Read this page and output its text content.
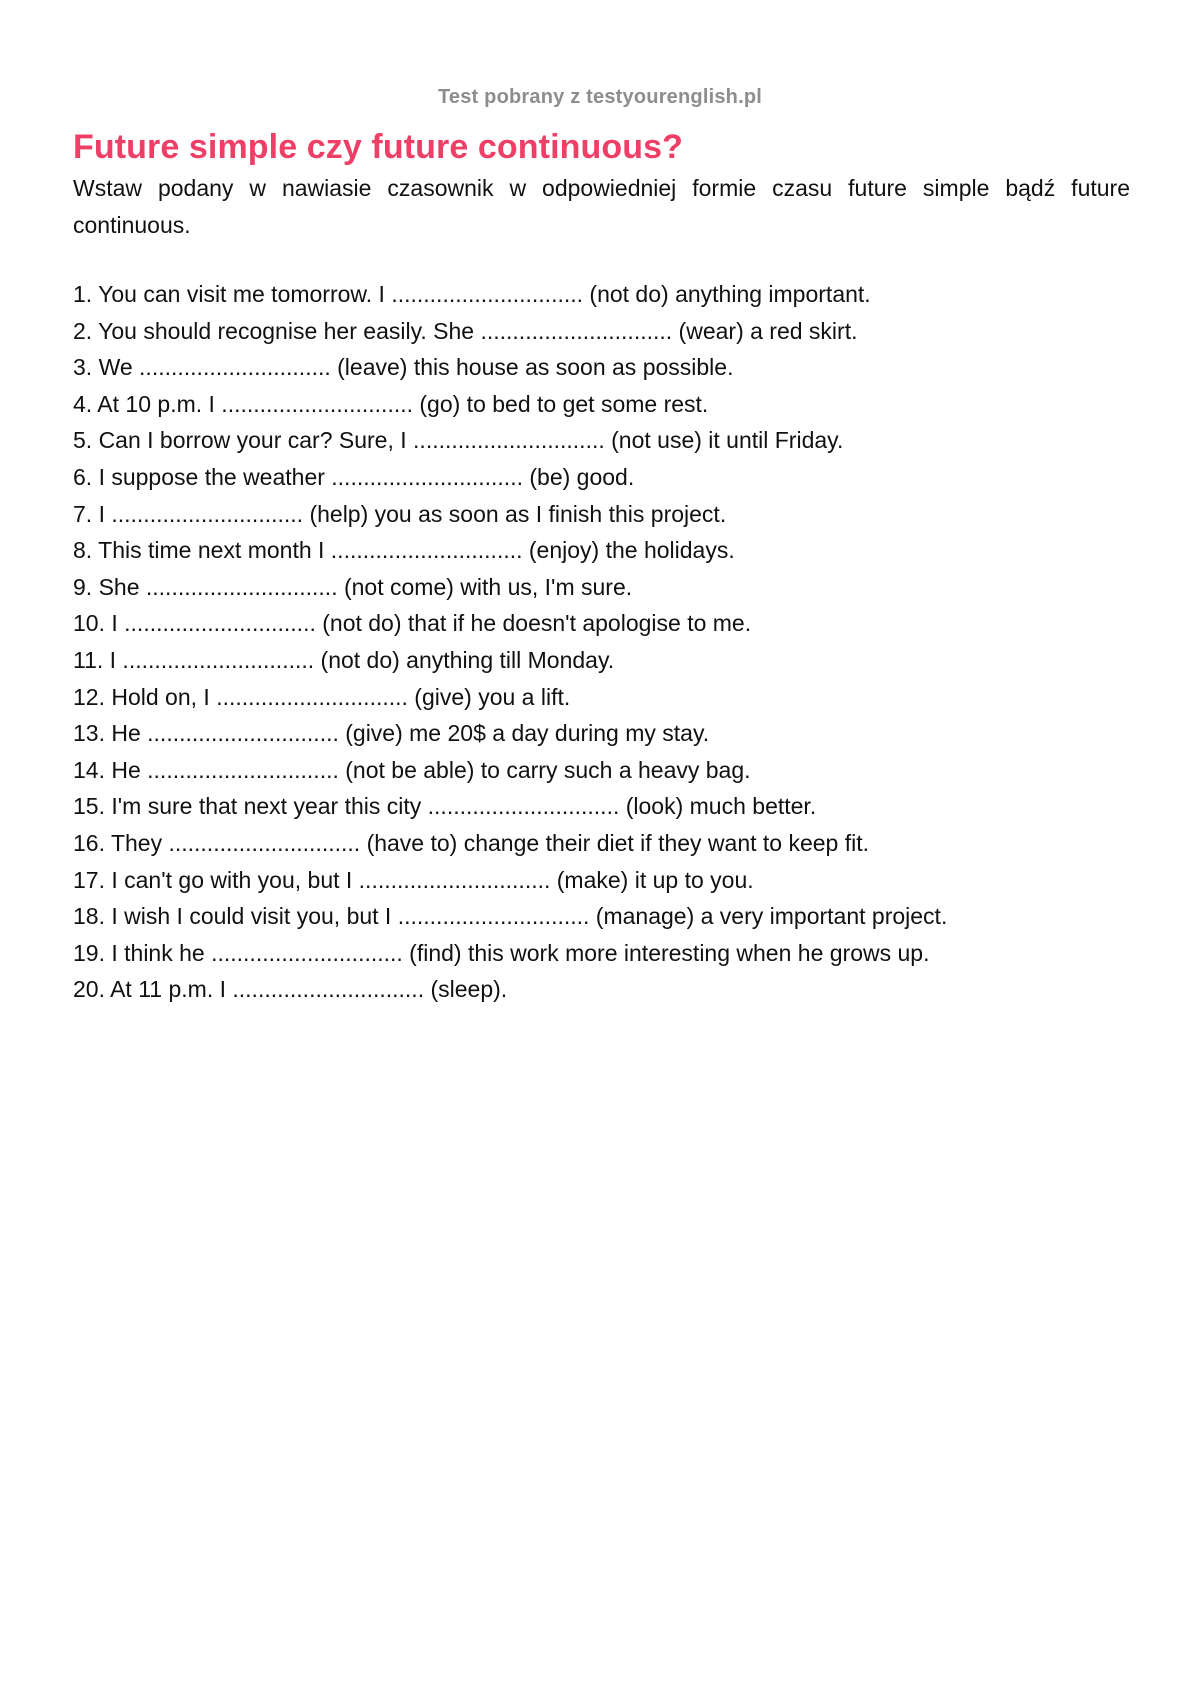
Test pobrany z testyourenglish.pl
Future simple czy future continuous?

Wstaw podany w nawiasie czasownik w odpowiedniej formie czasu future simple bądź future continuous.

1. You can visit me tomorrow. I .............................. (not do) anything important.
2. You should recognise her easily. She .............................. (wear) a red skirt.
3. We .............................. (leave) this house as soon as possible.
4. At 10 p.m. I .............................. (go) to bed to get some rest.
5. Can I borrow your car? Sure, I .............................. (not use) it until Friday.
6. I suppose the weather .............................. (be) good.
7. I .............................. (help) you as soon as I finish this project.
8. This time next month I .............................. (enjoy) the holidays.
9. She .............................. (not come) with us, I'm sure.
10. I .............................. (not do) that if he doesn't apologise to me.
11. I .............................. (not do) anything till Monday.
12. Hold on, I .............................. (give) you a lift.
13. He .............................. (give) me 20$ a day during my stay.
14. He .............................. (not be able) to carry such a heavy bag.
15. I'm sure that next year this city .............................. (look) much better.
16. They .............................. (have to) change their diet if they want to keep fit.
17. I can't go with you, but I .............................. (make) it up to you.
18. I wish I could visit you, but I .............................. (manage) a very important project.
19. I think he .............................. (find) this work more interesting when he grows up.
20. At 11 p.m. I .............................. (sleep).
